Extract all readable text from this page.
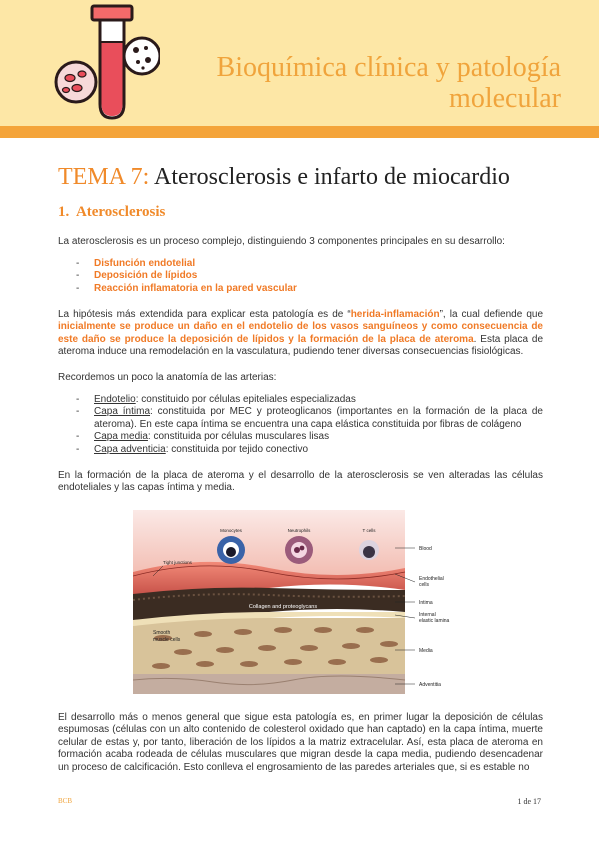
Bioquímica clínica y patología molecular
TEMA 7: Aterosclerosis e infarto de miocardio
1. Aterosclerosis
La aterosclerosis es un proceso complejo, distinguiendo 3 componentes principales en su desarrollo:
- Disfunción endotelial
- Deposición de lípidos
- Reacción inflamatoria en la pared vascular
La hipótesis más extendida para explicar esta patología es de “herida-inflamación”, la cual defiende que inicialmente se produce un daño en el endotelio de los vasos sanguíneos y como consecuencia de este daño se produce la deposición de lípidos y la formación de la placa de ateroma. Esta placa de ateroma induce una remodelación en la vasculatura, pudiendo tener diversas consecuencias fisiológicas.
Recordemos un poco la anatomía de las arterias:
- Endotelio: constituido por células epiteliales especializadas
- Capa íntima: constituida por MEC y proteoglicanos (importantes en la formación de la placa de ateroma). En este capa íntima se encuentra una capa elástica constituida por fibras de colágeno
- Capa media: constituida por células musculares lisas
- Capa adventicia: constituida por tejido conectivo
En la formación de la placa de ateroma y el desarrollo de la aterosclerosis se ven alteradas las células endoteliales y las capas íntima y media.
Monocytes	Neutrophils	T cells
Tight junctions
Collagen and proteoglycans
Smooth
muscle cells
Blood
Endothelial
cells
Intima
Internal
elastic lamina
Media
Adventitia
El desarrollo más o menos general que sigue esta patología es, en primer lugar la deposición de células espumosas (células con un alto contenido de colesterol oxidado que han captado) en la capa íntima, muerte celular de estas y, por tanto, liberación de los lípidos a la matriz extracelular. Así, esta placa de ateroma en formación acaba rodeada de células musculares que migran desde la capa media, pudiendo desencadenar un proceso de calcificación. Esto conlleva el engrosamiento de las paredes arteriales que, si es estable no
BCB	1 de 17
